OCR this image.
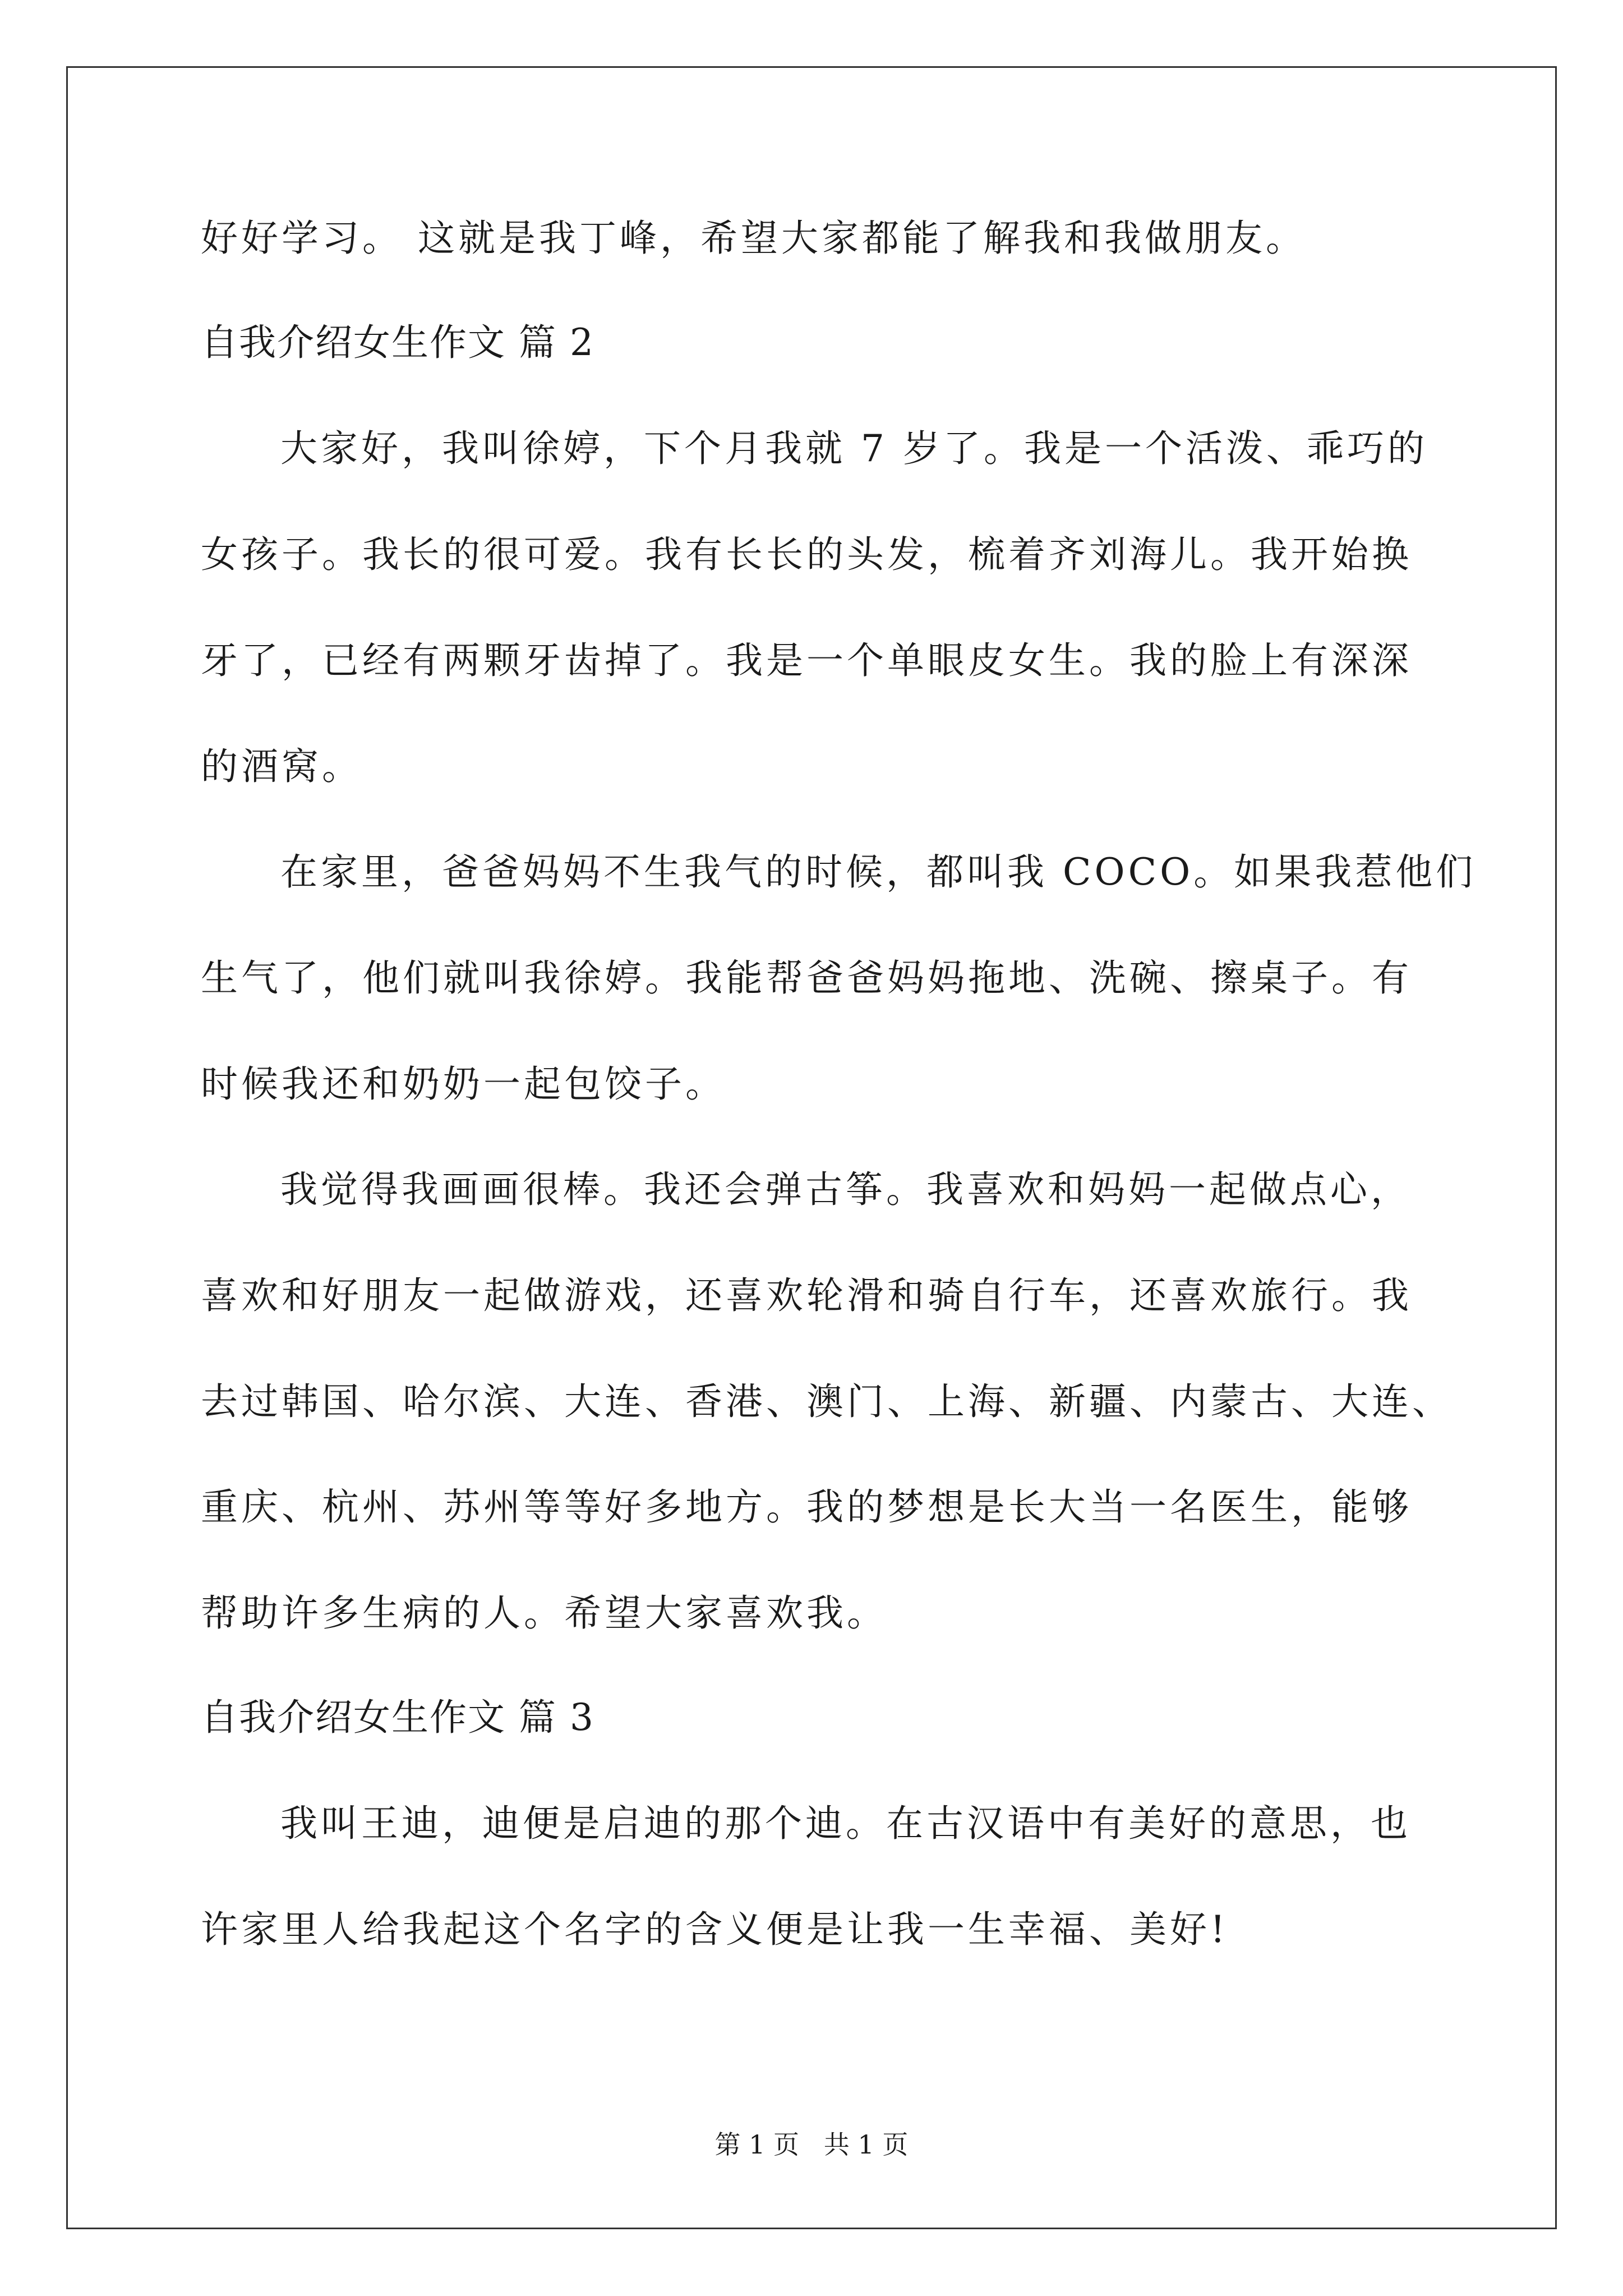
好好学习。 这就是我丁峰，希望大家都能了解我和我做朋友。
自我介绍女生作文 篇 2
大家好，我叫徐婷，下个月我就 7 岁了。我是一个活泼、乖巧的
女孩子。我长的很可爱。我有长长的头发，梳着齐刘海儿。我开始换
牙了，已经有两颗牙齿掉了。我是一个单眼皮女生。我的脸上有深深
的酒窝。
在家里，爸爸妈妈不生我气的时候，都叫我 COCO。如果我惹他们
生气了，他们就叫我徐婷。我能帮爸爸妈妈拖地、洗碗、擦桌子。有
时候我还和奶奶一起包饺子。
我觉得我画画很棒。我还会弹古筝。我喜欢和妈妈一起做点心，
喜欢和好朋友一起做游戏，还喜欢轮滑和骑自行车，还喜欢旅行。我
去过韩国、哈尔滨、大连、香港、澳门、上海、新疆、内蒙古、大连、
重庆、杭州、苏州等等好多地方。我的梦想是长大当一名医生，能够
帮助许多生病的人。希望大家喜欢我。
自我介绍女生作文 篇 3
我叫王迪，迪便是启迪的那个迪。在古汉语中有美好的意思，也
许家里人给我起这个名字的含义便是让我一生幸福、美好!
第 1 页   共 1 页
